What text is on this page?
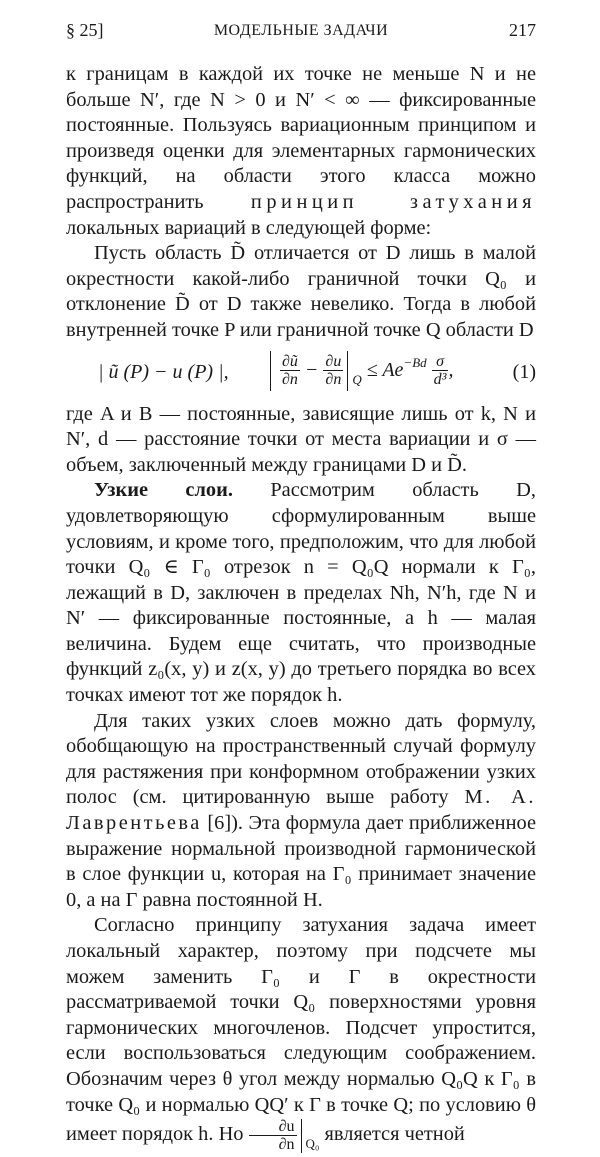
§ 25]	МОДЕЛЬНЫЕ ЗАДАЧИ	217

к границам в каждой их точке не меньше N и не больше N′, где N > 0 и N′ < ∞ — фиксированные постоянные. Пользуясь вариационным принципом и произведя оценки для элементарных гармонических функций, на области этого класса можно распространить принцип затухания локальных вариаций в следующей форме:

Пусть область D̃ отличается от D лишь в малой окрестности какой-либо граничной точки Q₀ и отклонение D̃ от D также невелико. Тогда в любой внутренней точке P или граничной точке Q области D

| ũ (P) − u (P) |,
	$\frac{\partial ũ}{\partial n} - \frac{\partial u}{\partial n} _Q \le Ae^{-Bd} \frac{\sigma}{\text{d³}}$ ,	(1)

где A и B — постоянные, зависящие лишь от k, N и N′, d — расстояние точки от места вариации и σ — объем, заключенный между границами D и D̃.

Узкие слои. Рассмотрим область D, удовлетворяющую сформулированным выше условиям, и кроме того, предположим, что для любой точки Q₀ ∈ Γ₀ отрезок n = Q₀Q нормали к Γ₀, лежащий в D, заключен в пределах Nh, N′h, где N и N′ — фиксированные постоянные, а h — малая величина. Будем еще считать, что производные функций z₀(x, y) и z(x, y) до третьего порядка во всех точках имеют тот же порядок h.

Для таких узких слоев можно дать формулу, обобщающую на пространственный случай формулу для растяжения при конформном отображении узких полос (см. цитированную выше работу М. А. Лаврентьева [6]). Эта формула дает приближенное выражение нормальной производной гармонической в слое функции u, которая на Γ₀ принимает значение 0, а на Γ равна постоянной H.

Согласно принципу затухания задача имеет локальный характер, поэтому при подсчете мы можем заменить Γ₀ и Γ в окрестности рассматриваемой точки Q₀ поверхностями уровня гармонических многочленов. Подсчет упростится, если воспользоваться следующим соображением. Обозначим через θ угол между нормалью Q₀Q к Γ₀ в точке Q₀ и нормалью QQ′ к Γ в точке Q; по условию θ имеет порядок h. Но $\frac{\partial u}{\partial n} _{Q_0}$ является четной
